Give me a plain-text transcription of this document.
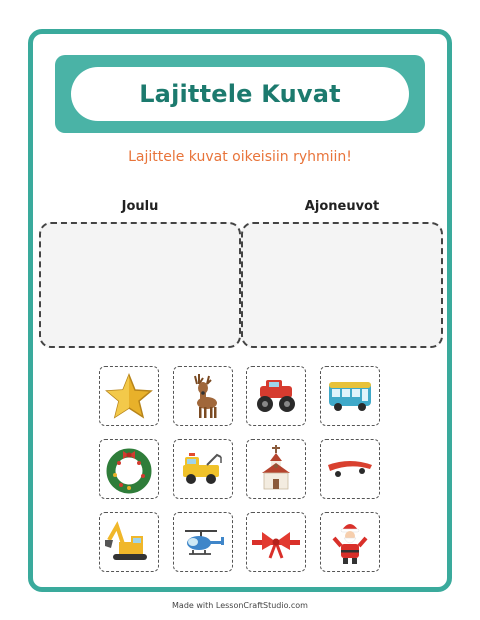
Lajittele Kuvat
Lajittele kuvat oikeisiin ryhmiin!
Joulu	Ajoneuvot
Made with LessonCraftStudio.com
